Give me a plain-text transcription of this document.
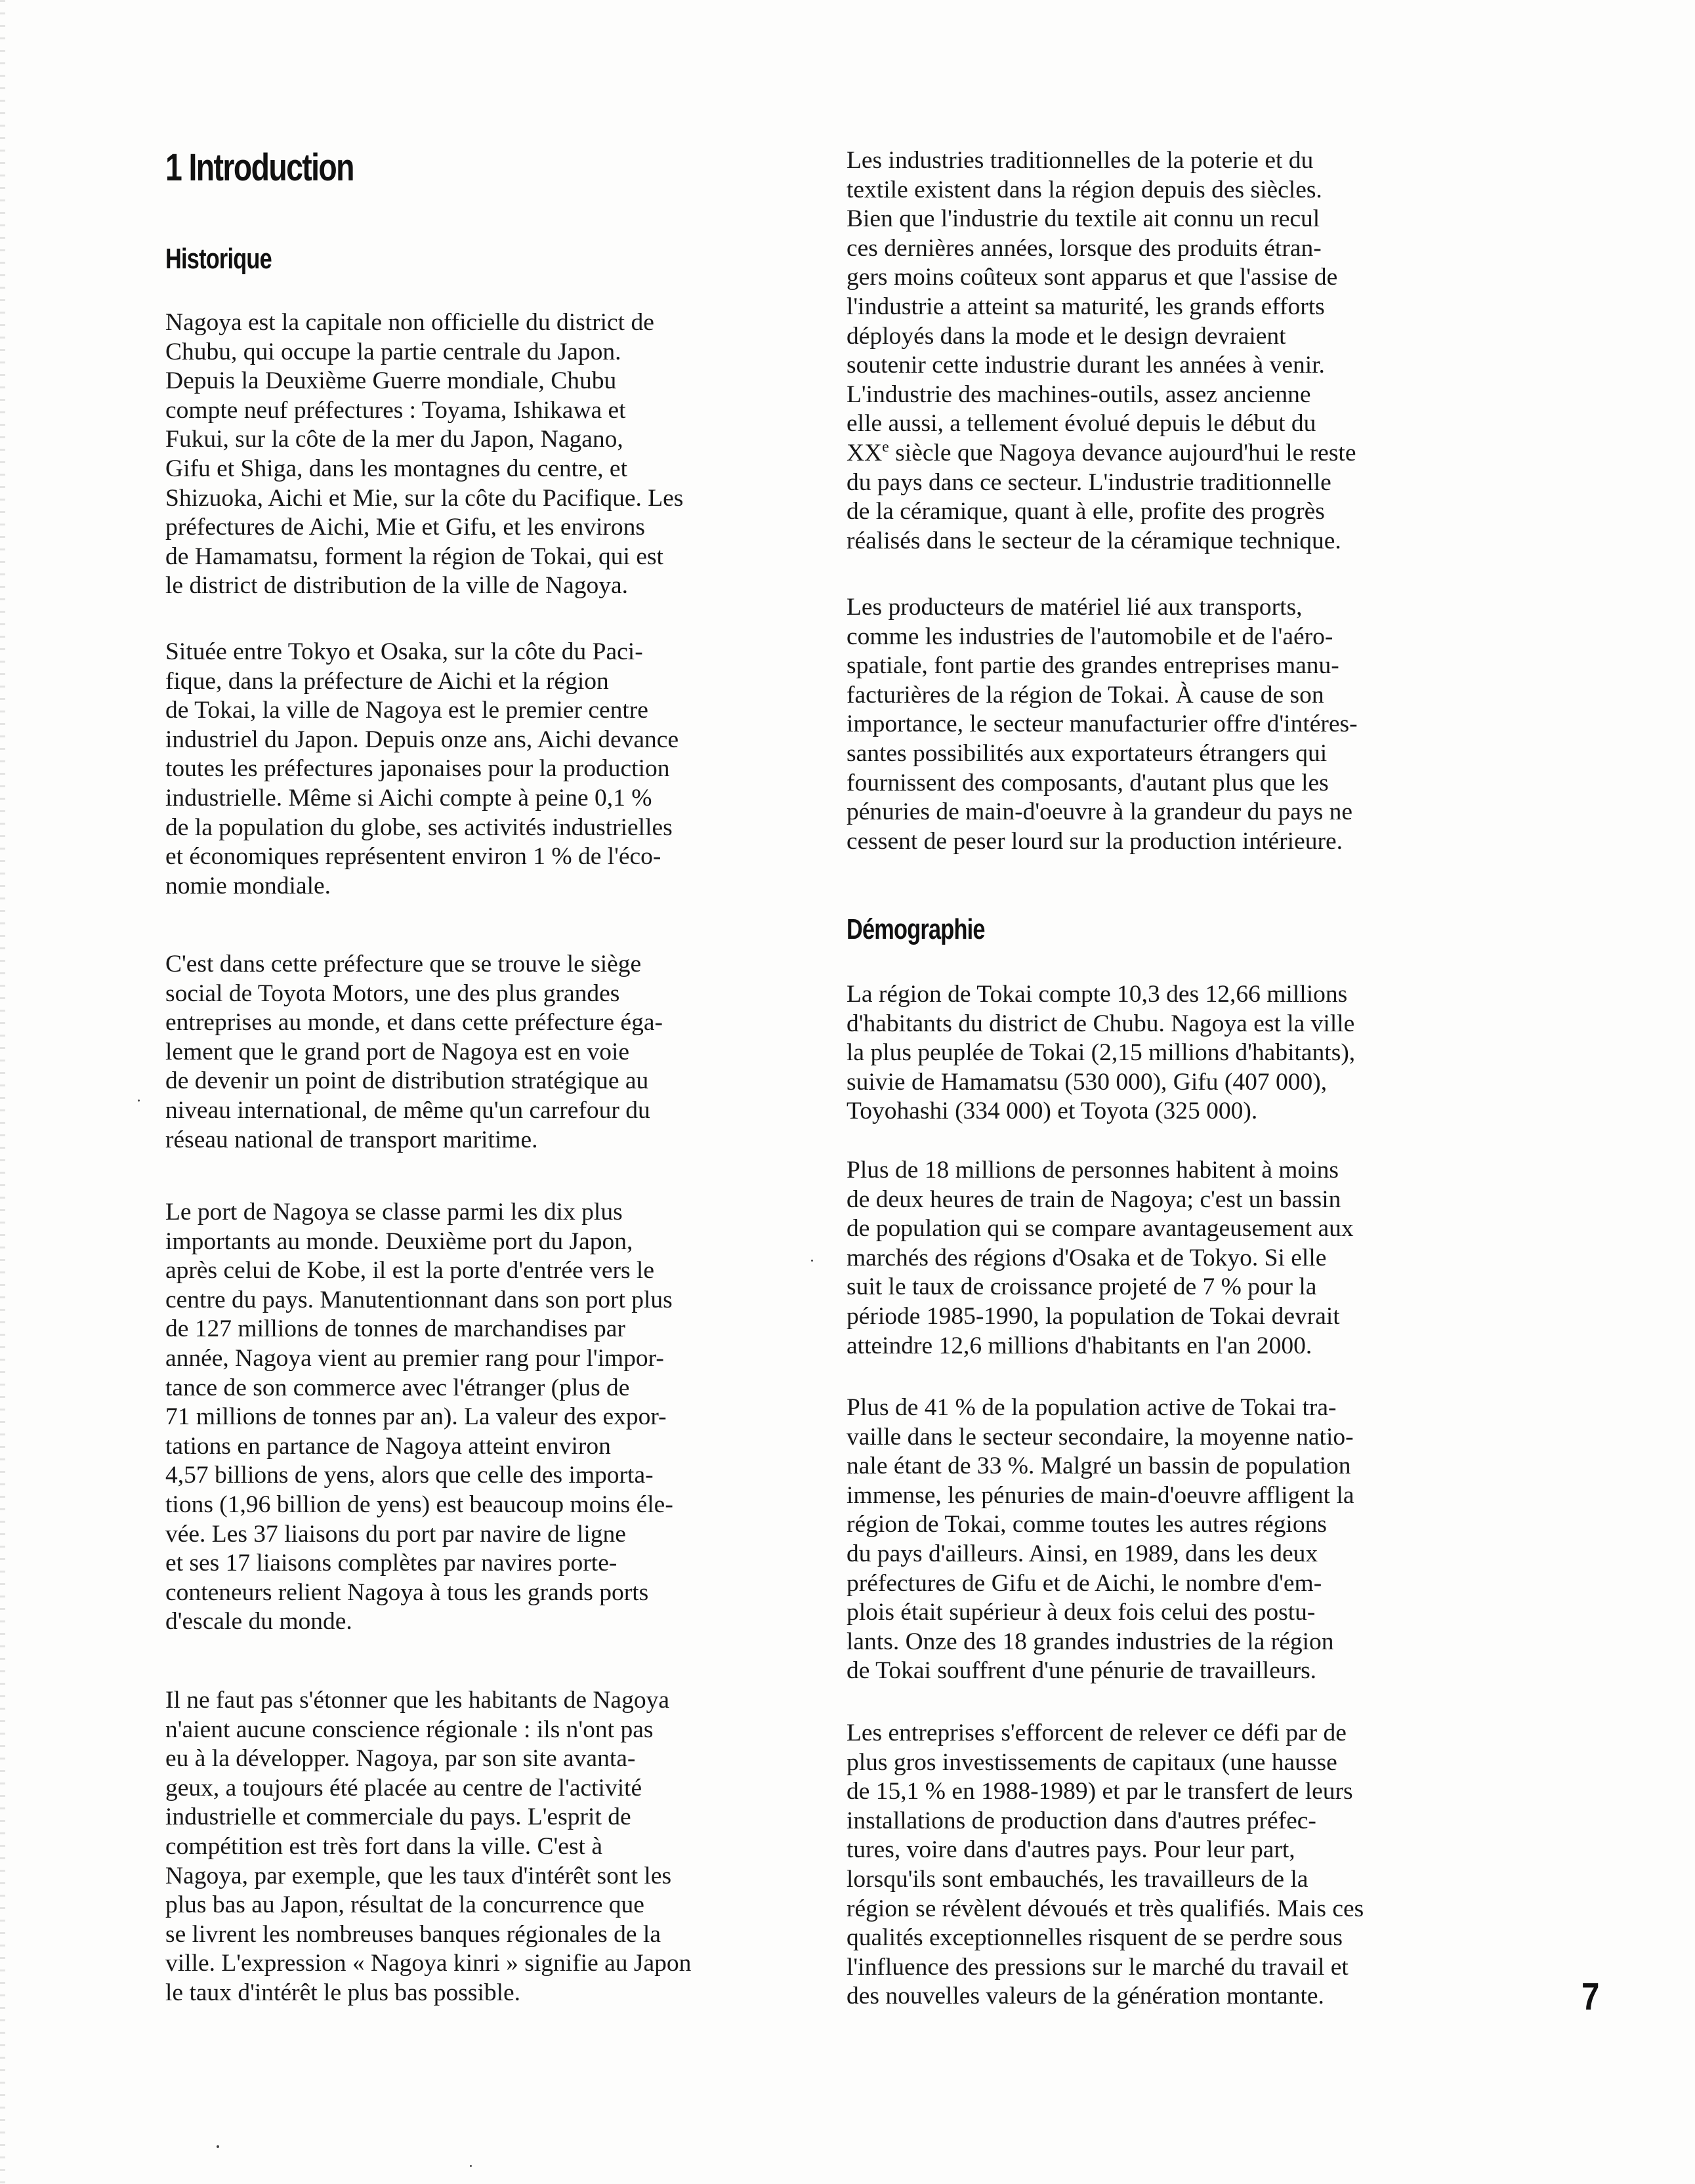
1 Introduction
Historique
Nagoya est la capitale non officielle du district de
Chubu, qui occupe la partie centrale du Japon.
Depuis la Deuxième Guerre mondiale, Chubu
compte neuf préfectures : Toyama, Ishikawa et
Fukui, sur la côte de la mer du Japon, Nagano,
Gifu et Shiga, dans les montagnes du centre, et
Shizuoka, Aichi et Mie, sur la côte du Pacifique. Les
préfectures de Aichi, Mie et Gifu, et les environs
de Hamamatsu, forment la région de Tokai, qui est
le district de distribution de la ville de Nagoya.
Située entre Tokyo et Osaka, sur la côte du Paci-
fique, dans la préfecture de Aichi et la région
de Tokai, la ville de Nagoya est le premier centre
industriel du Japon. Depuis onze ans, Aichi devance
toutes les préfectures japonaises pour la production
industrielle. Même si Aichi compte à peine 0,1 %
de la population du globe, ses activités industrielles
et économiques représentent environ 1 % de l'éco-
nomie mondiale.
C'est dans cette préfecture que se trouve le siège
social de Toyota Motors, une des plus grandes
entreprises au monde, et dans cette préfecture éga-
lement que le grand port de Nagoya est en voie
de devenir un point de distribution stratégique au
niveau international, de même qu'un carrefour du
réseau national de transport maritime.
Le port de Nagoya se classe parmi les dix plus
importants au monde. Deuxième port du Japon,
après celui de Kobe, il est la porte d'entrée vers le
centre du pays. Manutentionnant dans son port plus
de 127 millions de tonnes de marchandises par
année, Nagoya vient au premier rang pour l'impor-
tance de son commerce avec l'étranger (plus de
71 millions de tonnes par an). La valeur des expor-
tations en partance de Nagoya atteint environ
4,57 billions de yens, alors que celle des importa-
tions (1,96 billion de yens) est beaucoup moins éle-
vée. Les 37 liaisons du port par navire de ligne
et ses 17 liaisons complètes par navires porte-
conteneurs relient Nagoya à tous les grands ports
d'escale du monde.
Il ne faut pas s'étonner que les habitants de Nagoya
n'aient aucune conscience régionale : ils n'ont pas
eu à la développer. Nagoya, par son site avanta-
geux, a toujours été placée au centre de l'activité
industrielle et commerciale du pays. L'esprit de
compétition est très fort dans la ville. C'est à
Nagoya, par exemple, que les taux d'intérêt sont les
plus bas au Japon, résultat de la concurrence que
se livrent les nombreuses banques régionales de la
ville. L'expression « Nagoya kinri » signifie au Japon
le taux d'intérêt le plus bas possible.
Les industries traditionnelles de la poterie et du
textile existent dans la région depuis des siècles.
Bien que l'industrie du textile ait connu un recul
ces dernières années, lorsque des produits étran-
gers moins coûteux sont apparus et que l'assise de
l'industrie a atteint sa maturité, les grands efforts
déployés dans la mode et le design devraient
soutenir cette industrie durant les années à venir.
L'industrie des machines-outils, assez ancienne
elle aussi, a tellement évolué depuis le début du
XXe siècle que Nagoya devance aujourd'hui le reste
du pays dans ce secteur. L'industrie traditionnelle
de la céramique, quant à elle, profite des progrès
réalisés dans le secteur de la céramique technique.
Les producteurs de matériel lié aux transports,
comme les industries de l'automobile et de l'aéro-
spatiale, font partie des grandes entreprises manu-
facturières de la région de Tokai. À cause de son
importance, le secteur manufacturier offre d'intéres-
santes possibilités aux exportateurs étrangers qui
fournissent des composants, d'autant plus que les
pénuries de main-d'oeuvre à la grandeur du pays ne
cessent de peser lourd sur la production intérieure.
Démographie
La région de Tokai compte 10,3 des 12,66 millions
d'habitants du district de Chubu. Nagoya est la ville
la plus peuplée de Tokai (2,15 millions d'habitants),
suivie de Hamamatsu (530 000), Gifu (407 000),
Toyohashi (334 000) et Toyota (325 000).
Plus de 18 millions de personnes habitent à moins
de deux heures de train de Nagoya; c'est un bassin
de population qui se compare avantageusement aux
marchés des régions d'Osaka et de Tokyo. Si elle
suit le taux de croissance projeté de 7 % pour la
période 1985-1990, la population de Tokai devrait
atteindre 12,6 millions d'habitants en l'an 2000.
Plus de 41 % de la population active de Tokai tra-
vaille dans le secteur secondaire, la moyenne natio-
nale étant de 33 %. Malgré un bassin de population
immense, les pénuries de main-d'oeuvre affligent la
région de Tokai, comme toutes les autres régions
du pays d'ailleurs. Ainsi, en 1989, dans les deux
préfectures de Gifu et de Aichi, le nombre d'em-
plois était supérieur à deux fois celui des postu-
lants. Onze des 18 grandes industries de la région
de Tokai souffrent d'une pénurie de travailleurs.
Les entreprises s'efforcent de relever ce défi par de
plus gros investissements de capitaux (une hausse
de 15,1 % en 1988-1989) et par le transfert de leurs
installations de production dans d'autres préfec-
tures, voire dans d'autres pays. Pour leur part,
lorsqu'ils sont embauchés, les travailleurs de la
région se révèlent dévoués et très qualifiés. Mais ces
qualités exceptionnelles risquent de se perdre sous
l'influence des pressions sur le marché du travail et
des nouvelles valeurs de la génération montante.	7
